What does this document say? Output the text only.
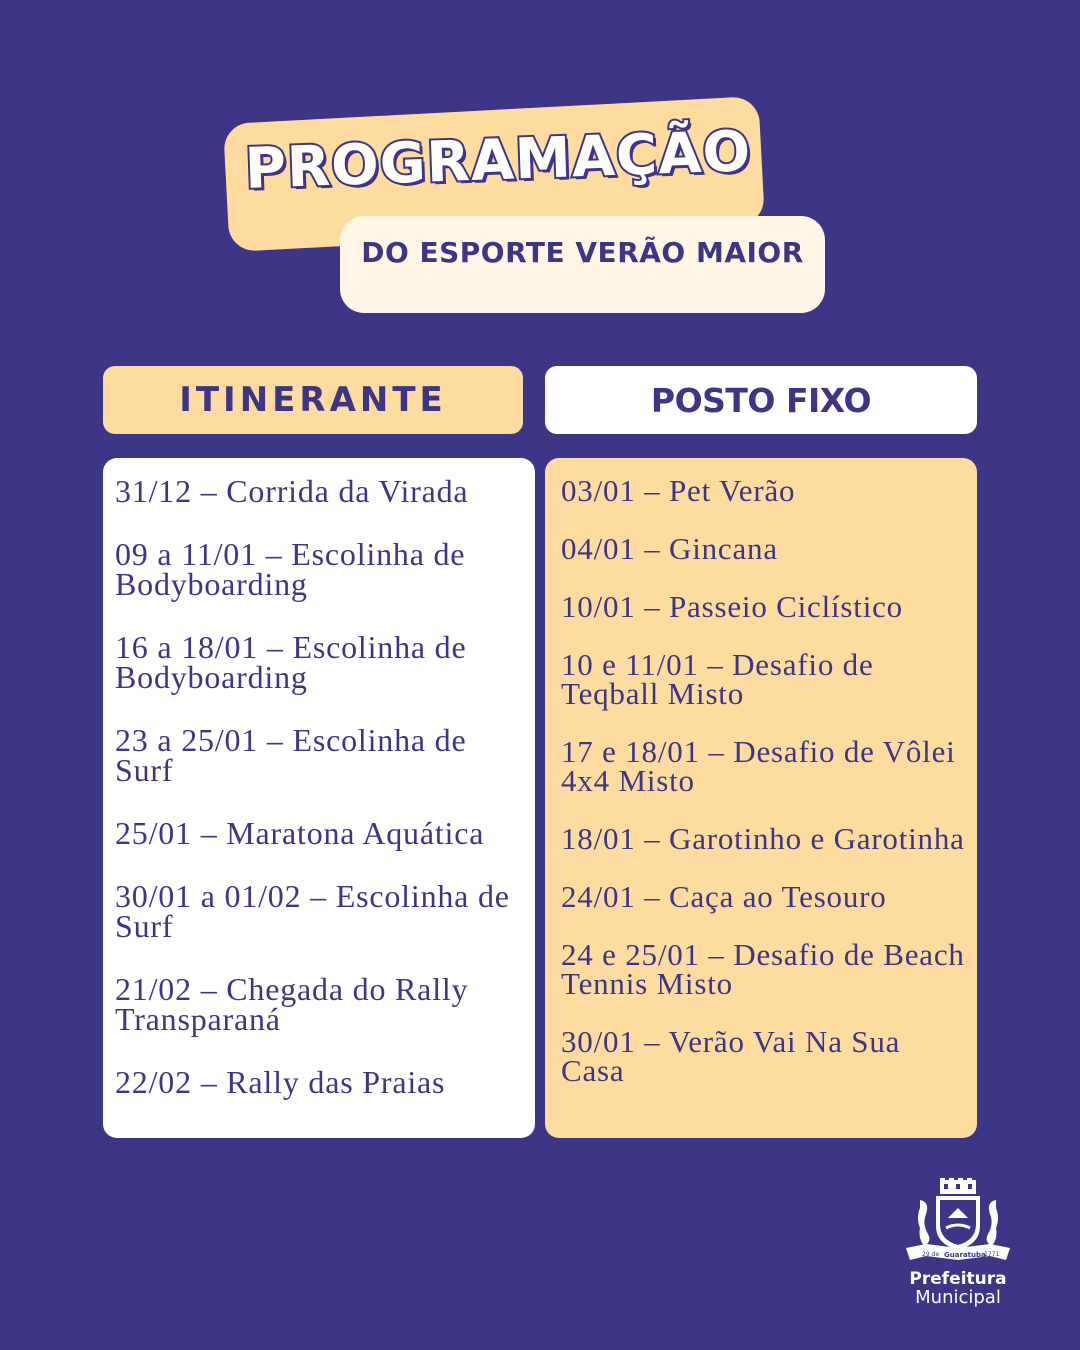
PROGRAMAÇÃO
DO ESPORTE VERÃO MAIOR
ITINERANTE	POSTO FIXO
31/12 – Corrida da Virada
09 a 11/01 – Escolinha de Bodyboarding
16 a 18/01 – Escolinha de Bodyboarding
23 a 25/01 – Escolinha de Surf
25/01 – Maratona Aquática
30/01 a 01/02 – Escolinha de Surf
21/02 – Chegada do Rally Transparaná
22/02 – Rally das Praias
03/01 – Pet Verão
04/01 – Gincana
10/01 – Passeio Ciclístico
10 e 11/01 – Desafio de Teqball Misto
17 e 18/01 – Desafio de Vôlei 4x4 Misto
18/01 – Garotinho e Garotinha
24/01 – Caça ao Tesouro
24 e 25/01 – Desafio de Beach Tennis Misto
30/01 – Verão Vai Na Sua Casa
29 de Guaratuba
1771
Prefeitura
Municipal
